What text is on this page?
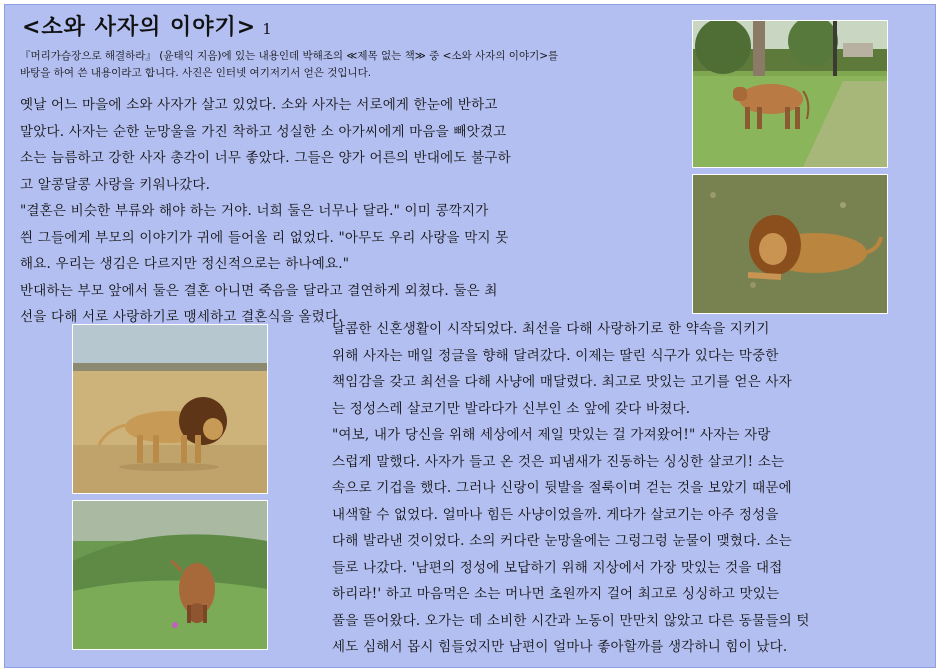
<소와 사자의 이야기> 1

『머리가슴장으로 해결하라』 (윤태익 지음)에 있는 내용인데 박해조의 ≪제목 없는 책≫ 중 <소와 사자의 이야기>를

바탕을 하여 쓴 내용이라고 합니다. 사진은 인터넷 여기저기서 얻은 것입니다.

옛날 어느 마을에 소와 사자가 살고 있었다. 소와 사자는 서로에게 한눈에 반하고

말았다. 사자는 순한 눈망울을 가진 착하고 성실한 소 아가씨에게 마음을 빼앗겼고

소는 늠름하고 강한 사자 총각이 너무 좋았다. 그들은 양가 어른의 반대에도 불구하

고 알콩달콩 사랑을 키워나갔다.

"결혼은 비슷한 부류와 해야 하는 거야. 너희 둘은 너무나 달라." 이미 콩깍지가

씐 그들에게 부모의 이야기가 귀에 들어올 리 없었다. "아무도 우리 사랑을 막지 못

해요. 우리는 생김은 다르지만 정신적으로는 하나예요."

반대하는 부모 앞에서 둘은 결혼 아니면 죽음을 달라고 결연하게 외쳤다. 둘은 최

선을 다해 서로 사랑하기로 맹세하고 결혼식을 올렸다.

달콤한 신혼생활이 시작되었다. 최선을 다해 사랑하기로 한 약속을 지키기

위해 사자는 매일 정글을 향해 달려갔다. 이제는 딸린 식구가 있다는 막중한

책임감을 갖고 최선을 다해 사냥에 매달렸다. 최고로 맛있는 고기를 얻은 사자

는 정성스레 살코기만 발라다가 신부인 소 앞에 갖다 바쳤다.

"여보, 내가 당신을 위해 세상에서 제일 맛있는 걸 가져왔어!" 사자는 자랑

스럽게 말했다. 사자가 들고 온 것은 피냄새가 진동하는 싱싱한 살코기! 소는

속으로 기겁을 했다. 그러나 신랑이 뒷발을 절룩이며 걷는 것을 보았기 때문에

내색할 수 없었다. 얼마나 힘든 사냥이었을까. 게다가 살코기는 아주 정성을

다해 발라낸 것이었다. 소의 커다란 눈망울에는 그렁그렁 눈물이 맺혔다. 소는

들로 나갔다. '남편의 정성에 보답하기 위해 지상에서 가장 맛있는 것을 대접

하리라!' 하고 마음먹은 소는 머나먼 초원까지 걸어 최고로 싱싱하고 맛있는

풀을 뜯어왔다. 오가는 데 소비한 시간과 노동이 만만치 않았고 다른 동물들의 텃

세도 심해서 몹시 힘들었지만 남편이 얼마나 좋아할까를 생각하니 힘이 났다.
